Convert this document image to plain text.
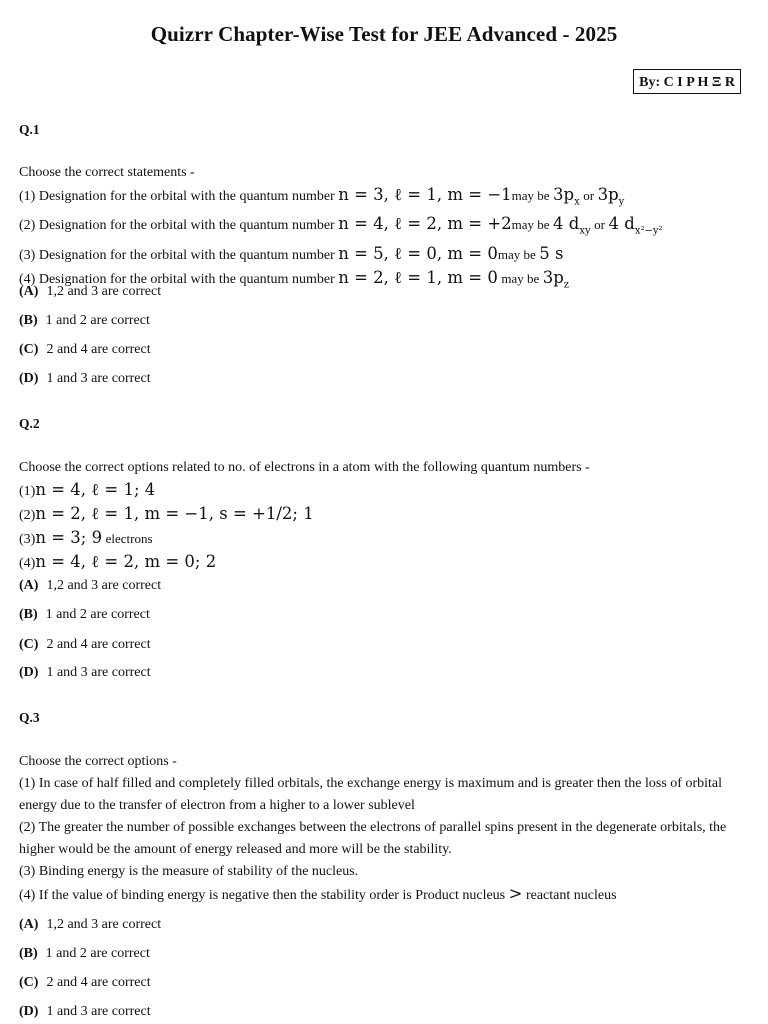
Quizrr Chapter-Wise Test for JEE Advanced - 2025
By: C I P H Ξ R
Q.1
Choose the correct statements -
(1) Designation for the orbital with the quantum number n = 3, ℓ = 1, m = −1may be $3p_x$ or $3p_y$
(2) Designation for the orbital with the quantum number n = 4, ℓ = 2, m = +2may be 4 $d_{xy}$ or 4 $d_{x^2-y^2}$
(3) Designation for the orbital with the quantum number n = 5, ℓ = 0, m = 0may be 5 s
(4) Designation for the orbital with the quantum number n = 2, ℓ = 1, m = 0 may be $3p_z$
(A) 1,2 and 3 are correct
(B) 1 and 2 are correct
(C) 2 and 4 are correct
(D) 1 and 3 are correct
Q.2
Choose the correct options related to no. of electrons in a atom with the following quantum numbers -
(1)n = 4, ℓ = 1; 4
(2)n = 2, ℓ = 1, m = −1, s = +1/2; 1
(3)n = 3; 9 electrons
(4)n = 4, ℓ = 2, m = 0; 2
(A) 1,2 and 3 are correct
(B) 1 and 2 are correct
(C) 2 and 4 are correct
(D) 1 and 3 are correct
Q.3
Choose the correct options -
(1) In case of half filled and completely filled orbitals, the exchange energy is maximum and is greater then the loss of orbital energy due to the transfer of electron from a higher to a lower sublevel
(2) The greater the number of possible exchanges between the electrons of parallel spins present in the degenerate orbitals, the higher would be the amount of energy released and more will be the stability.
(3) Binding energy is the measure of stability of the nucleus.
(4) If the value of binding energy is negative then the stability order is Product nucleus > reactant nucleus
(A) 1,2 and 3 are correct
(B) 1 and 2 are correct
(C) 2 and 4 are correct
(D) 1 and 3 are correct
